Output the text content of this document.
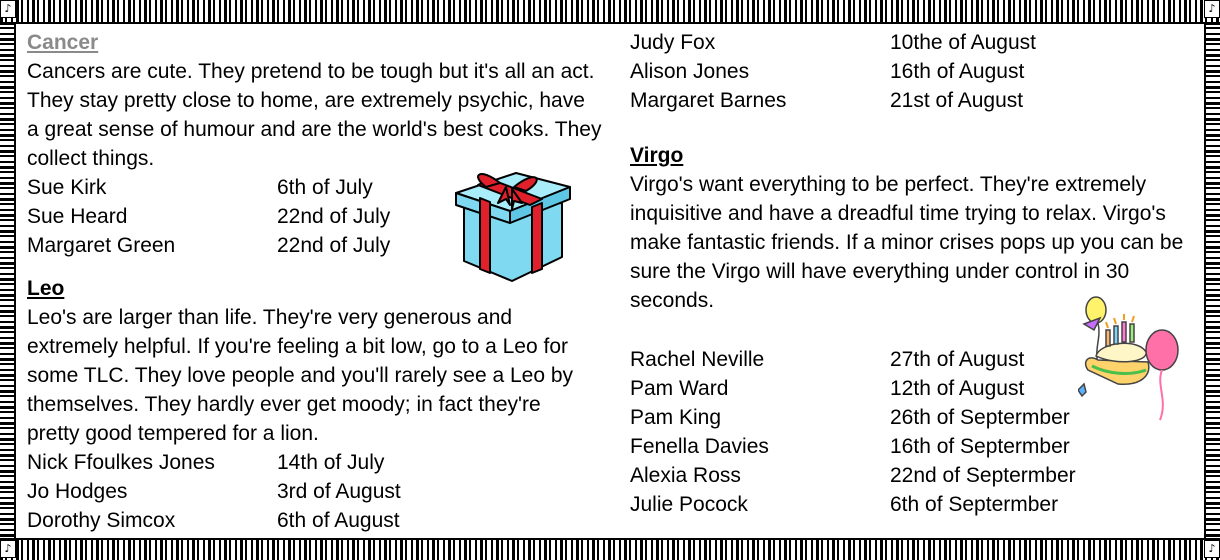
♪	♪
♪	♪
Cancer

Cancers are cute. They pretend to be tough but it's all an act. They stay pretty close to home, are extremely psychic, have a great sense of humour and are the world's best cooks. They collect things.

Sue Kirk	6th of July
Sue Heard	22nd of July
Margaret Green	22nd of July
Leo

Leo's are larger than life. They're very generous and extremely helpful. If you're feeling a bit low, go to a Leo for some TLC. They love people and you'll rarely see a Leo by themselves. They hardly ever get moody; in fact they're pretty good tempered for a lion.

Nick Ffoulkes Jones	14th of July
Jo Hodges	3rd of August
Dorothy Simcox	6th of August
Judy Fox	10the of August
Alison Jones	16th of August
Margaret Barnes	21st of August
Virgo

Virgo's want everything to be perfect. They're extremely inquisitive and have a dreadful time trying to relax. Virgo's make fantastic friends. If a minor crises pops up you can be sure the Virgo will have everything under control in 30 seconds.

Rachel Neville	27th of August
Pam Ward	12th of August
Pam King	26th of Septermber
Fenella Davies	16th of Septermber
Alexia Ross	22nd of Septermber
Julie Pocock	6th of Septermber
